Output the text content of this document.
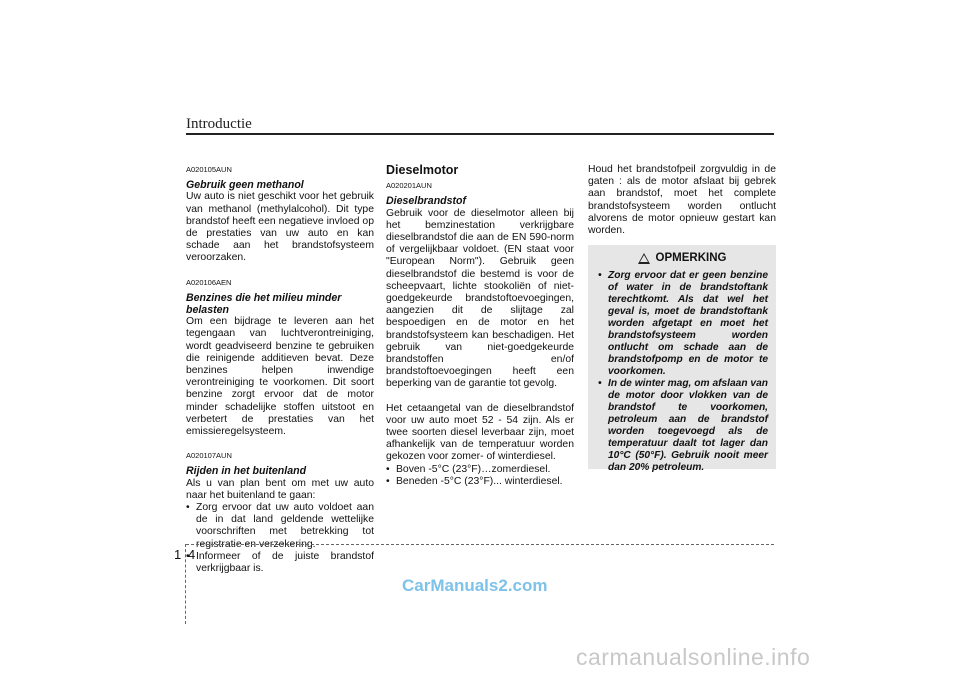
Introductie
A020105AUN
Gebruik geen methanol

Uw auto is niet geschikt voor het gebruik van methanol (methylalcohol). Dit type brandstof heeft een negatieve invloed op de prestaties van uw auto en kan schade aan het brandstofsysteem veroorzaken.

A020106AEN
Benzines die het milieu minder belasten

Om een bijdrage te leveren aan het tegengaan van luchtverontreiniging, wordt geadviseerd benzine te gebruiken die reinigende additieven bevat. Deze benzines helpen inwendige verontreiniging te voorkomen. Dit soort benzine zorgt ervoor dat de motor minder schadelijke stoffen uitstoot en verbetert de prestaties van het emissieregelsysteem.

A020107AUN
Rijden in het buitenland

Als u van plan bent om met uw auto naar het buitenland te gaan:

• Zorg ervoor dat uw auto voldoet aan de in dat land geldende wettelijke voorschriften met betrekking tot registratie en verzekering.
• Informeer of de juiste brandstof verkrijgbaar is.
Dieselmotor
A020201AUN
Dieselbrandstof

Gebruik voor de dieselmotor alleen bij het bemzinestation verkrijgbare dieselbrandstof die aan de EN 590-norm of vergelijkbaar voldoet. (EN staat voor "European Norm"). Gebruik geen dieselbrandstof die bestemd is voor de scheepvaart, lichte stookoliën of niet-goedgekeurde brandstoftoevoegingen, aangezien dit de slijtage zal bespoedigen en de motor en het brandstofsysteem kan beschadigen. Het gebruik van niet-goedgekeurde brandstoffen en/of brandstoftoevoegingen heeft een beperking van de garantie tot gevolg.

Het cetaangetal van de dieselbrandstof voor uw auto moet 52 - 54 zijn. Als er twee soorten diesel leverbaar zijn, moet afhankelijk van de temperatuur worden gekozen voor zomer- of winterdiesel.

• Boven -5°C (23°F)…zomerdiesel.
• Beneden -5°C (23°F)... winterdiesel.

Houd het brandstofpeil zorgvuldig in de gaten : als de motor afslaat bij gebrek aan brandstof, moet het complete brandstofsysteem worden ontlucht alvorens de motor opnieuw gestart kan worden.

OPMERKING
• Zorg ervoor dat er geen benzine of water in de brandstoftank terechtkomt. Als dat wel het geval is, moet de brandstoftank worden afgetapt en moet het brandstofsysteem worden ontlucht om schade aan de brandstofpomp en de motor te voorkomen.
• In de winter mag, om afslaan van de motor door vlokken van de brandstof te voorkomen, petroleum aan de brandstof worden toegevoegd als de temperatuur daalt tot lager dan 10°C (50°F). Gebruik nooit meer dan 20% petroleum.
1 4
CarManuals2.com
carmanualsonline.info
